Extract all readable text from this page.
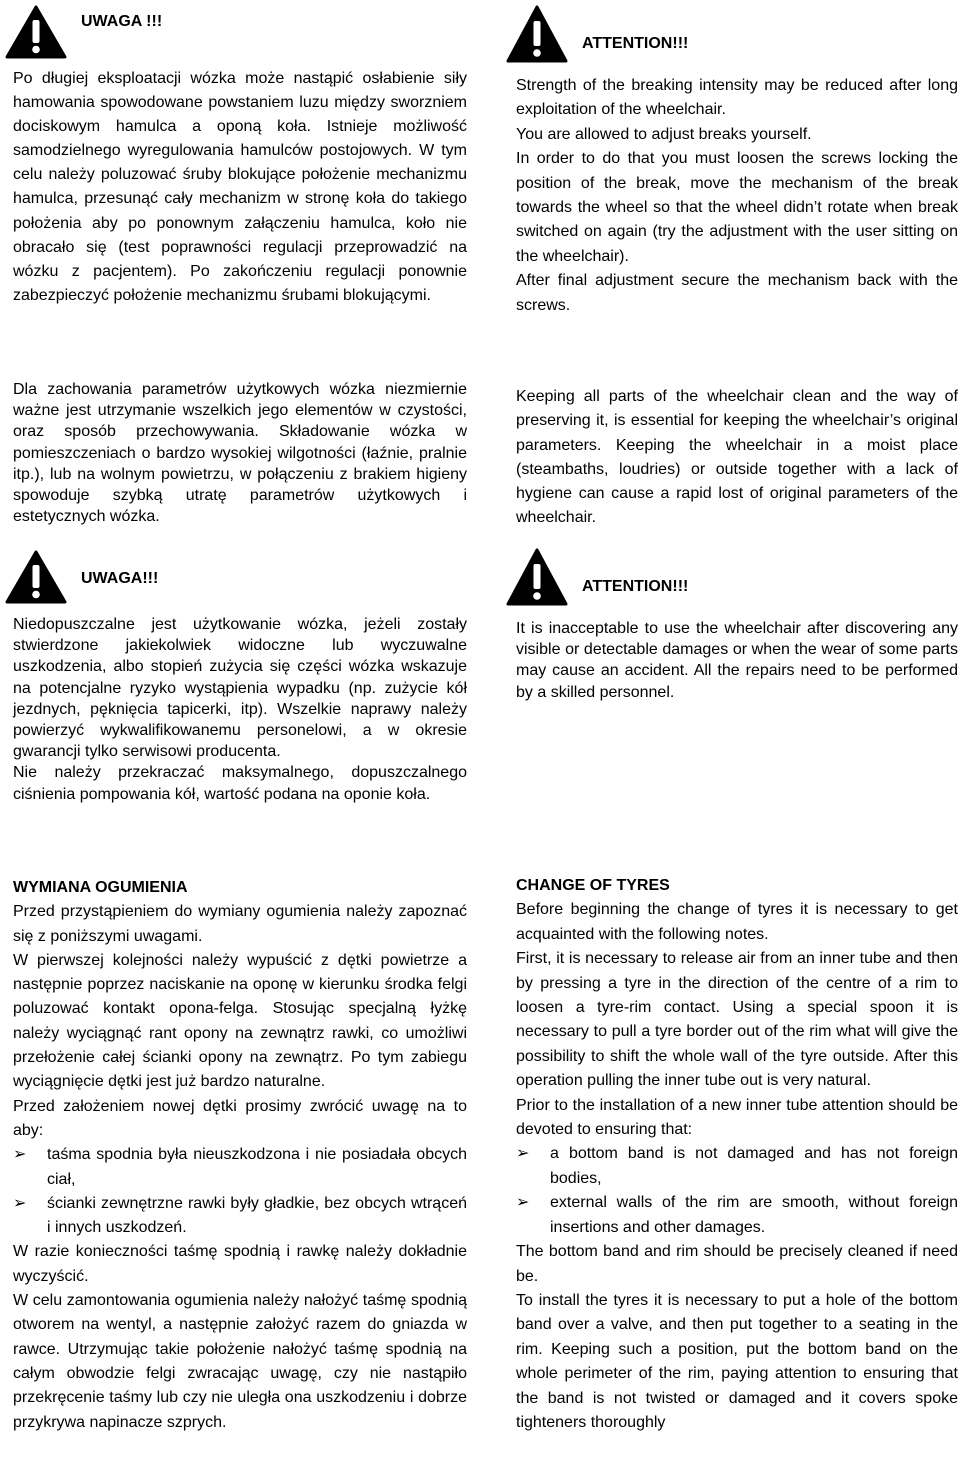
UWAGA !!!

Po długiej eksploatacji wózka może nastąpić osłabienie siły hamowania spowodowane powstaniem luzu między sworzniem dociskowym hamulca a oponą koła. Istnieje możliwość samodzielnego wyregulowania hamulców postojowych. W tym celu należy poluzować śruby blokujące położenie mechanizmu hamulca, przesunąć cały mechanizm w stronę koła do takiego położenia aby po ponownym załączeniu hamulca, koło nie obracało się (test poprawności regulacji przeprowadzić na wózku z pacjentem). Po zakończeniu regulacji ponownie zabezpieczyć położenie mechanizmu śrubami blokującymi.

Dla zachowania parametrów użytkowych wózka niezmiernie ważne jest utrzymanie wszelkich jego elementów w czystości, oraz sposób przechowywania. Składowanie wózka w pomieszczeniach o bardzo wysokiej wilgotności (łaźnie, pralnie itp.), lub na wolnym powietrzu, w połączeniu z brakiem higieny spowoduje szybką utratę parametrów użytkowych i estetycznych wózka.

UWAGA!!!

Niedopuszczalne jest użytkowanie wózka, jeżeli zostały stwierdzone jakiekolwiek widoczne lub wyczuwalne uszkodzenia, albo stopień zużycia się części wózka wskazuje na potencjalne ryzyko wystąpienia wypadku (np. zużycie kół jezdnych, pęknięcia tapicerki, itp). Wszelkie naprawy należy powierzyć wykwalifikowanemu personelowi, a w okresie gwarancji tylko serwisowi producenta.

Nie należy przekraczać maksymalnego, dopuszczalnego ciśnienia pompowania kół, wartość podana na oponie koła.

WYMIANA OGUMIENIA

Przed przystąpieniem do wymiany ogumienia należy zapoznać się z poniższymi uwagami.

W pierwszej kolejności należy wypuścić z dętki powietrze a następnie poprzez naciskanie na oponę w kierunku środka felgi poluzować kontakt opona-felga. Stosując specjalną łyżkę należy wyciągnąć rant opony na zewnątrz rawki, co umożliwi przełożenie całej ścianki opony na zewnątrz. Po tym zabiegu wyciągnięcie dętki jest już bardzo naturalne.

Przed założeniem nowej dętki prosimy zwrócić uwagę na to aby:

➢ taśma spodnia była nieuszkodzona i nie posiadała obcych ciał,
➢ ścianki zewnętrzne rawki były gładkie, bez obcych wtrąceń i innych uszkodzeń.

W razie konieczności taśmę spodnią i rawkę należy dokładnie wyczyścić.

W celu zamontowania ogumienia należy nałożyć taśmę spodnią otworem na wentyl, a następnie założyć razem do gniazda w rawce. Utrzymując takie położenie nałożyć taśmę spodnią na całym obwodzie felgi zwracając uwagę, czy nie nastąpiło przekręcenie taśmy lub czy nie uległa ona uszkodzeniu i dobrze przykrywa napinacze szprych.

ATTENTION!!!

Strength of the breaking intensity may be reduced after long exploitation of the wheelchair.

You are allowed to adjust breaks yourself.

In order to do that you must loosen the screws locking the position of the break, move the mechanism of the break towards the wheel so that the wheel didn’t rotate when break switched on again (try the adjustment with the user sitting on the wheelchair).

After final adjustment secure the mechanism back with the screws.

Keeping all parts of the wheelchair clean and the way of preserving it, is essential for keeping the wheelchair’s original parameters. Keeping the wheelchair in a moist place (steambaths, loudries) or outside together with a lack of hygiene can cause a rapid lost of original parameters of the wheelchair.

ATTENTION!!!

It is inacceptable to use the wheelchair after discovering any visible or detectable damages or when the wear of some parts may cause an accident. All the repairs need to be performed by a skilled personnel.

CHANGE OF TYRES

Before beginning the change of tyres it is necessary to get acquainted with the following notes.

First, it is necessary to release air from an inner tube and then by pressing a tyre in the direction of the centre of a rim to loosen a tyre-rim contact. Using a special spoon it is necessary to pull a tyre border out of the rim what will give the possibility to shift the whole wall of the tyre outside. After this operation pulling the inner tube out is very natural.

Prior to the installation of a new inner tube attention should be devoted to ensuring that:

➢ a bottom band is not damaged and has not foreign bodies,
➢ external walls of the rim are smooth, without foreign insertions and other damages.

The bottom band and rim should be precisely cleaned if need be.

To install the tyres it is necessary to put a hole of the bottom band over a valve, and then put together to a seating in the rim. Keeping such a position, put the bottom band on the whole perimeter of the rim, paying attention to ensuring that the band is not twisted or damaged and it covers spoke tighteners thoroughly
